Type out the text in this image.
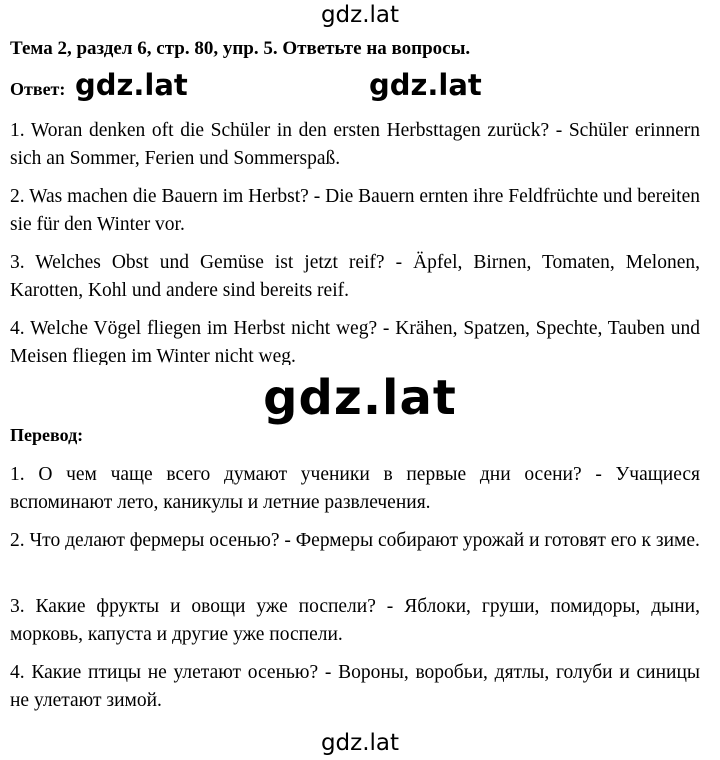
gdz.lat
Тема 2, раздел 6, стр. 80, упр. 5. Ответьте на вопросы.
Ответ: gdz.lat	gdz.lat
1. Woran denken oft die Schüler in den ersten Herbsttagen zurück? - Schüler erinnern sich an Sommer, Ferien und Sommerspaß.
2. Was machen die Bauern im Herbst? - Die Bauern ernten ihre Feldfrüchte und bereiten sie für den Winter vor.
3. Welches Obst und Gemüse ist jetzt reif? - Äpfel, Birnen, Tomaten, Melonen, Karotten, Kohl und andere sind bereits reif.
4. Welche Vögel fliegen im Herbst nicht weg? - Krähen, Spatzen, Spechte, Tauben und Meisen fliegen im Winter nicht weg.
gdz.lat
Перевод:
1. О чем чаще всего думают ученики в первые дни осени? - Учащиеся вспоминают лето, каникулы и летние развлечения.
2. Что делают фермеры осенью? - Фермеры собирают урожай и готовят его к зиме.
3. Какие фрукты и овощи уже поспели? - Яблоки, груши, помидоры, дыни, морковь, капуста и другие уже поспели.
4. Какие птицы не улетают осенью? - Вороны, воробьи, дятлы, голуби и синицы не улетают зимой.
gdz.lat
